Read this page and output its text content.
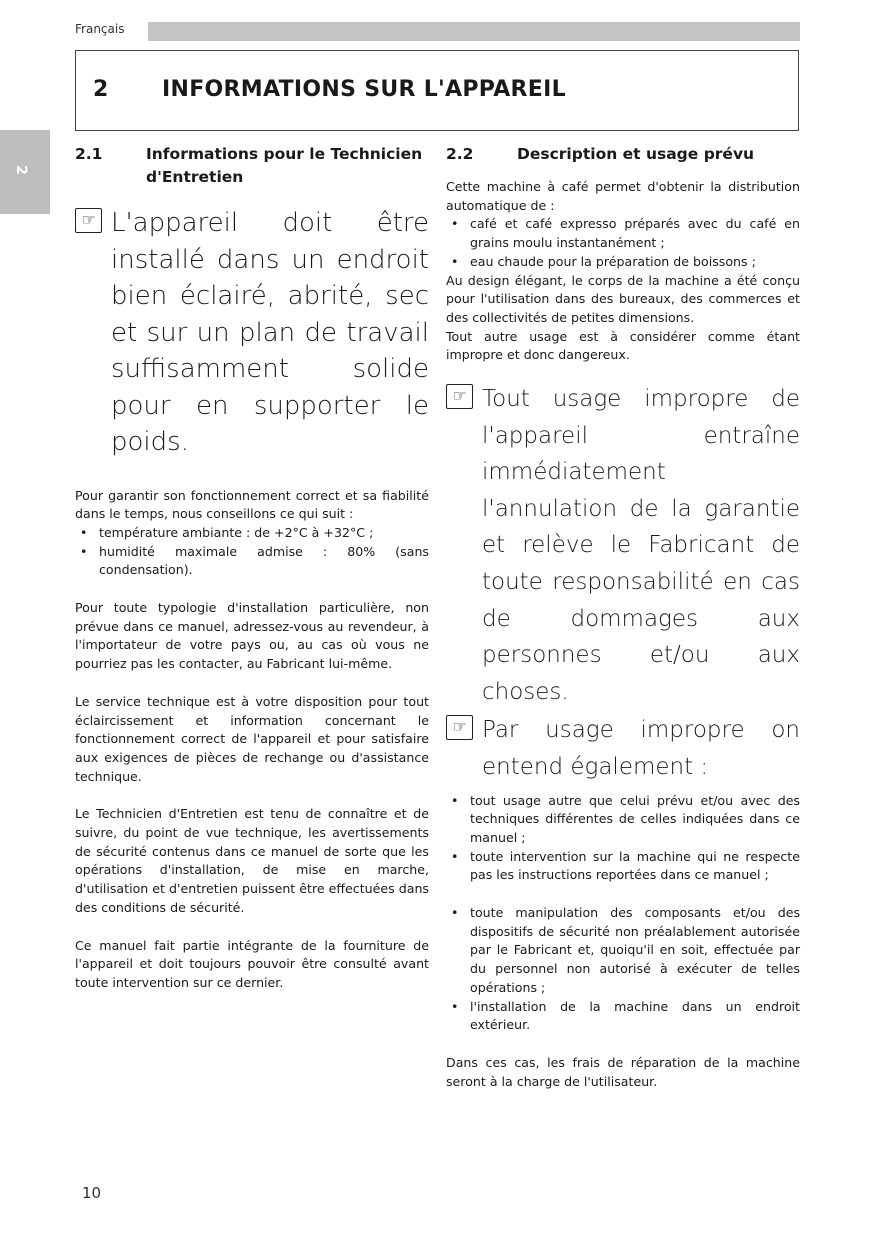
Français
2 INFORMATIONS SUR L'APPAREIL
2
2.1	Informations pour le Technicien d'Entretien
☞ L'appareil doit être installé dans un endroit bien éclairé, abrité, sec et sur un plan de travail suffisamment solide pour en supporter le poids.

Pour garantir son fonctionnement correct et sa fiabilité dans le temps, nous conseillons ce qui suit :

• température ambiante : de +2°C à +32°C ;
• humidité maximale admise : 80% (sans condensation).

Pour toute typologie d'installation particulière, non prévue dans ce manuel, adressez-vous au revendeur, à l'importateur de votre pays ou, au cas où vous ne pourriez pas les contacter, au Fabricant lui-même.

Le service technique est à votre disposition pour tout éclaircissement et information concernant le fonctionnement correct de l'appareil et pour satisfaire aux exigences de pièces de rechange ou d'assistance technique.

Le Technicien d'Entretien est tenu de connaître et de suivre, du point de vue technique, les avertissements de sécurité contenus dans ce manuel de sorte que les opérations d'installation, de mise en marche, d'utilisation et d'entretien puissent être effectuées dans des conditions de sécurité.

Ce manuel fait partie intégrante de la fourniture de l'appareil et doit toujours pouvoir être consulté avant toute intervention sur ce dernier.

2.2	Description et usage prévu

Cette machine à café permet d'obtenir la distribution automatique de :

• café et café expresso préparés avec du café en grains moulu instantanément ;
• eau chaude pour la préparation de boissons ;

Au design élégant, le corps de la machine a été conçu pour l'utilisation dans des bureaux, des commerces et des collectivités de petites dimensions.

Tout autre usage est à considérer comme étant impropre et donc dangereux.

☞ Tout usage impropre de l'appareil entraîne immédiatement l'annulation de la garantie et relève le Fabricant de toute responsabilité en cas de dommages aux personnes et/ou aux choses.
☞ Par usage impropre on entend également :
• tout usage autre que celui prévu et/ou avec des techniques différentes de celles indiquées dans ce manuel ;
• toute intervention sur la machine qui ne respecte pas les instructions reportées dans ce manuel ;
• toute manipulation des composants et/ou des dispositifs de sécurité non préalablement autorisée par le Fabricant et, quoiqu'il en soit, effectuée par du personnel non autorisé à exécuter de telles opérations ;
• l'installation de la machine dans un endroit extérieur.

Dans ces cas, les frais de réparation de la machine seront à la charge de l'utilisateur.

10
